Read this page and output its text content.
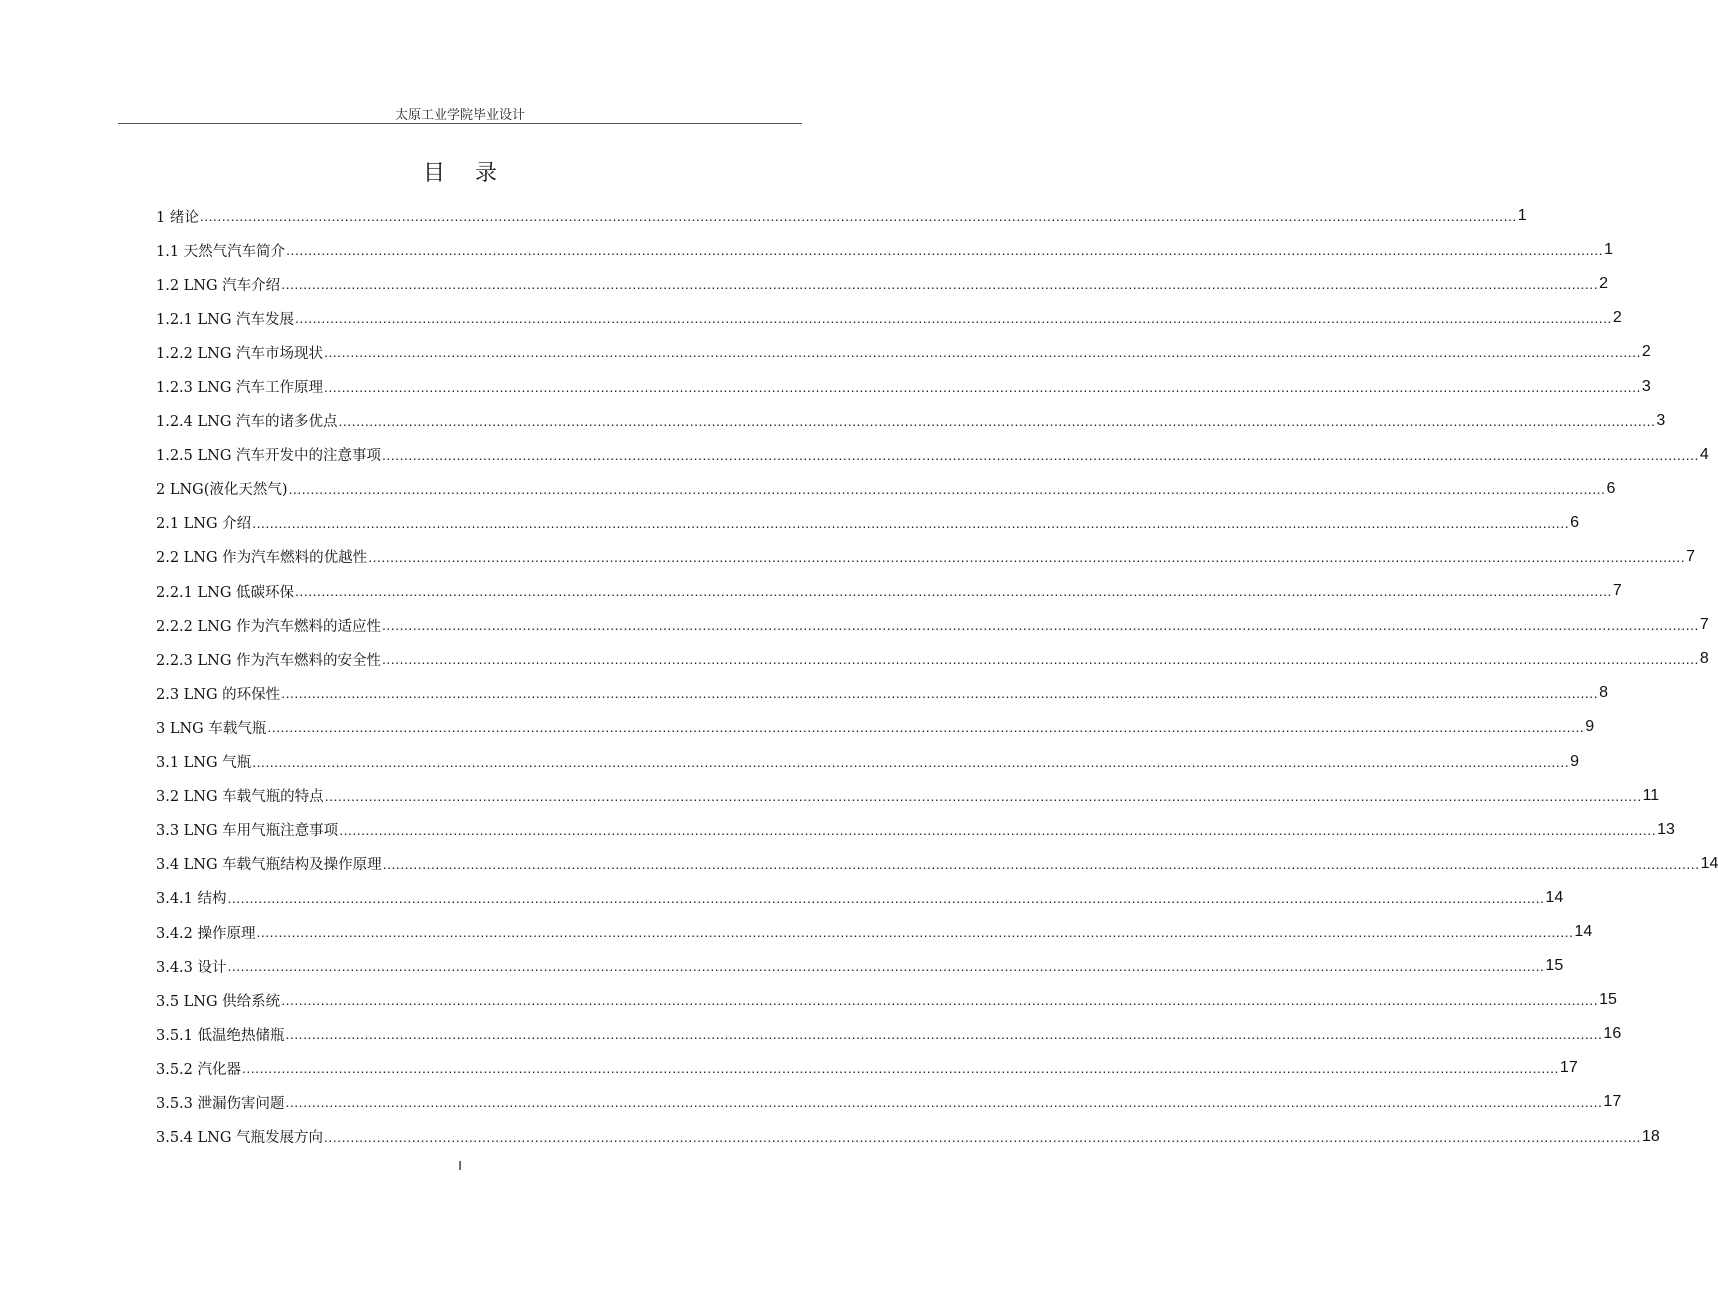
太原工业学院毕业设计
目录
1 绪论 ............................................................................................................................................................................................................................................................................................................ 1
1.1 天然气汽车简介 ............................................................................................................................................................................................................................................................................................................ 1
1.2 LNG 汽车介绍 ............................................................................................................................................................................................................................................................................................................ 2
1.2.1 LNG 汽车发展 ............................................................................................................................................................................................................................................................................................................ 2
1.2.2 LNG 汽车市场现状 ............................................................................................................................................................................................................................................................................................................ 2
1.2.3 LNG 汽车工作原理 ............................................................................................................................................................................................................................................................................................................ 3
1.2.4 LNG 汽车的诸多优点 ............................................................................................................................................................................................................................................................................................................ 3
1.2.5 LNG 汽车开发中的注意事项 ............................................................................................................................................................................................................................................................................................................ 4
2 LNG(液化天然气) ............................................................................................................................................................................................................................................................................................................ 6
2.1 LNG 介绍 ............................................................................................................................................................................................................................................................................................................ 6
2.2 LNG 作为汽车燃料的优越性 ............................................................................................................................................................................................................................................................................................................ 7
2.2.1 LNG 低碳环保 ............................................................................................................................................................................................................................................................................................................ 7
2.2.2 LNG 作为汽车燃料的适应性 ............................................................................................................................................................................................................................................................................................................ 7
2.2.3 LNG 作为汽车燃料的安全性 ............................................................................................................................................................................................................................................................................................................ 8
2.3 LNG 的环保性 ............................................................................................................................................................................................................................................................................................................ 8
3 LNG 车载气瓶 ............................................................................................................................................................................................................................................................................................................ 9
3.1 LNG 气瓶 ............................................................................................................................................................................................................................................................................................................ 9
3.2 LNG 车载气瓶的特点 ............................................................................................................................................................................................................................................................................................................ 11
3.3 LNG 车用气瓶注意事项 ............................................................................................................................................................................................................................................................................................................ 13
3.4 LNG 车载气瓶结构及操作原理 ............................................................................................................................................................................................................................................................................................................ 14
3.4.1 结构 ............................................................................................................................................................................................................................................................................................................ 14
3.4.2 操作原理 ............................................................................................................................................................................................................................................................................................................ 14
3.4.3 设计 ............................................................................................................................................................................................................................................................................................................ 15
3.5 LNG 供给系统 ............................................................................................................................................................................................................................................................................................................ 15
3.5.1 低温绝热储瓶 ............................................................................................................................................................................................................................................................................................................ 16
3.5.2 汽化器 ............................................................................................................................................................................................................................................................................................................ 17
3.5.3 泄漏伤害问题 ............................................................................................................................................................................................................................................................................................................ 17
3.5.4 LNG 气瓶发展方向 ............................................................................................................................................................................................................................................................................................................ 18
I
